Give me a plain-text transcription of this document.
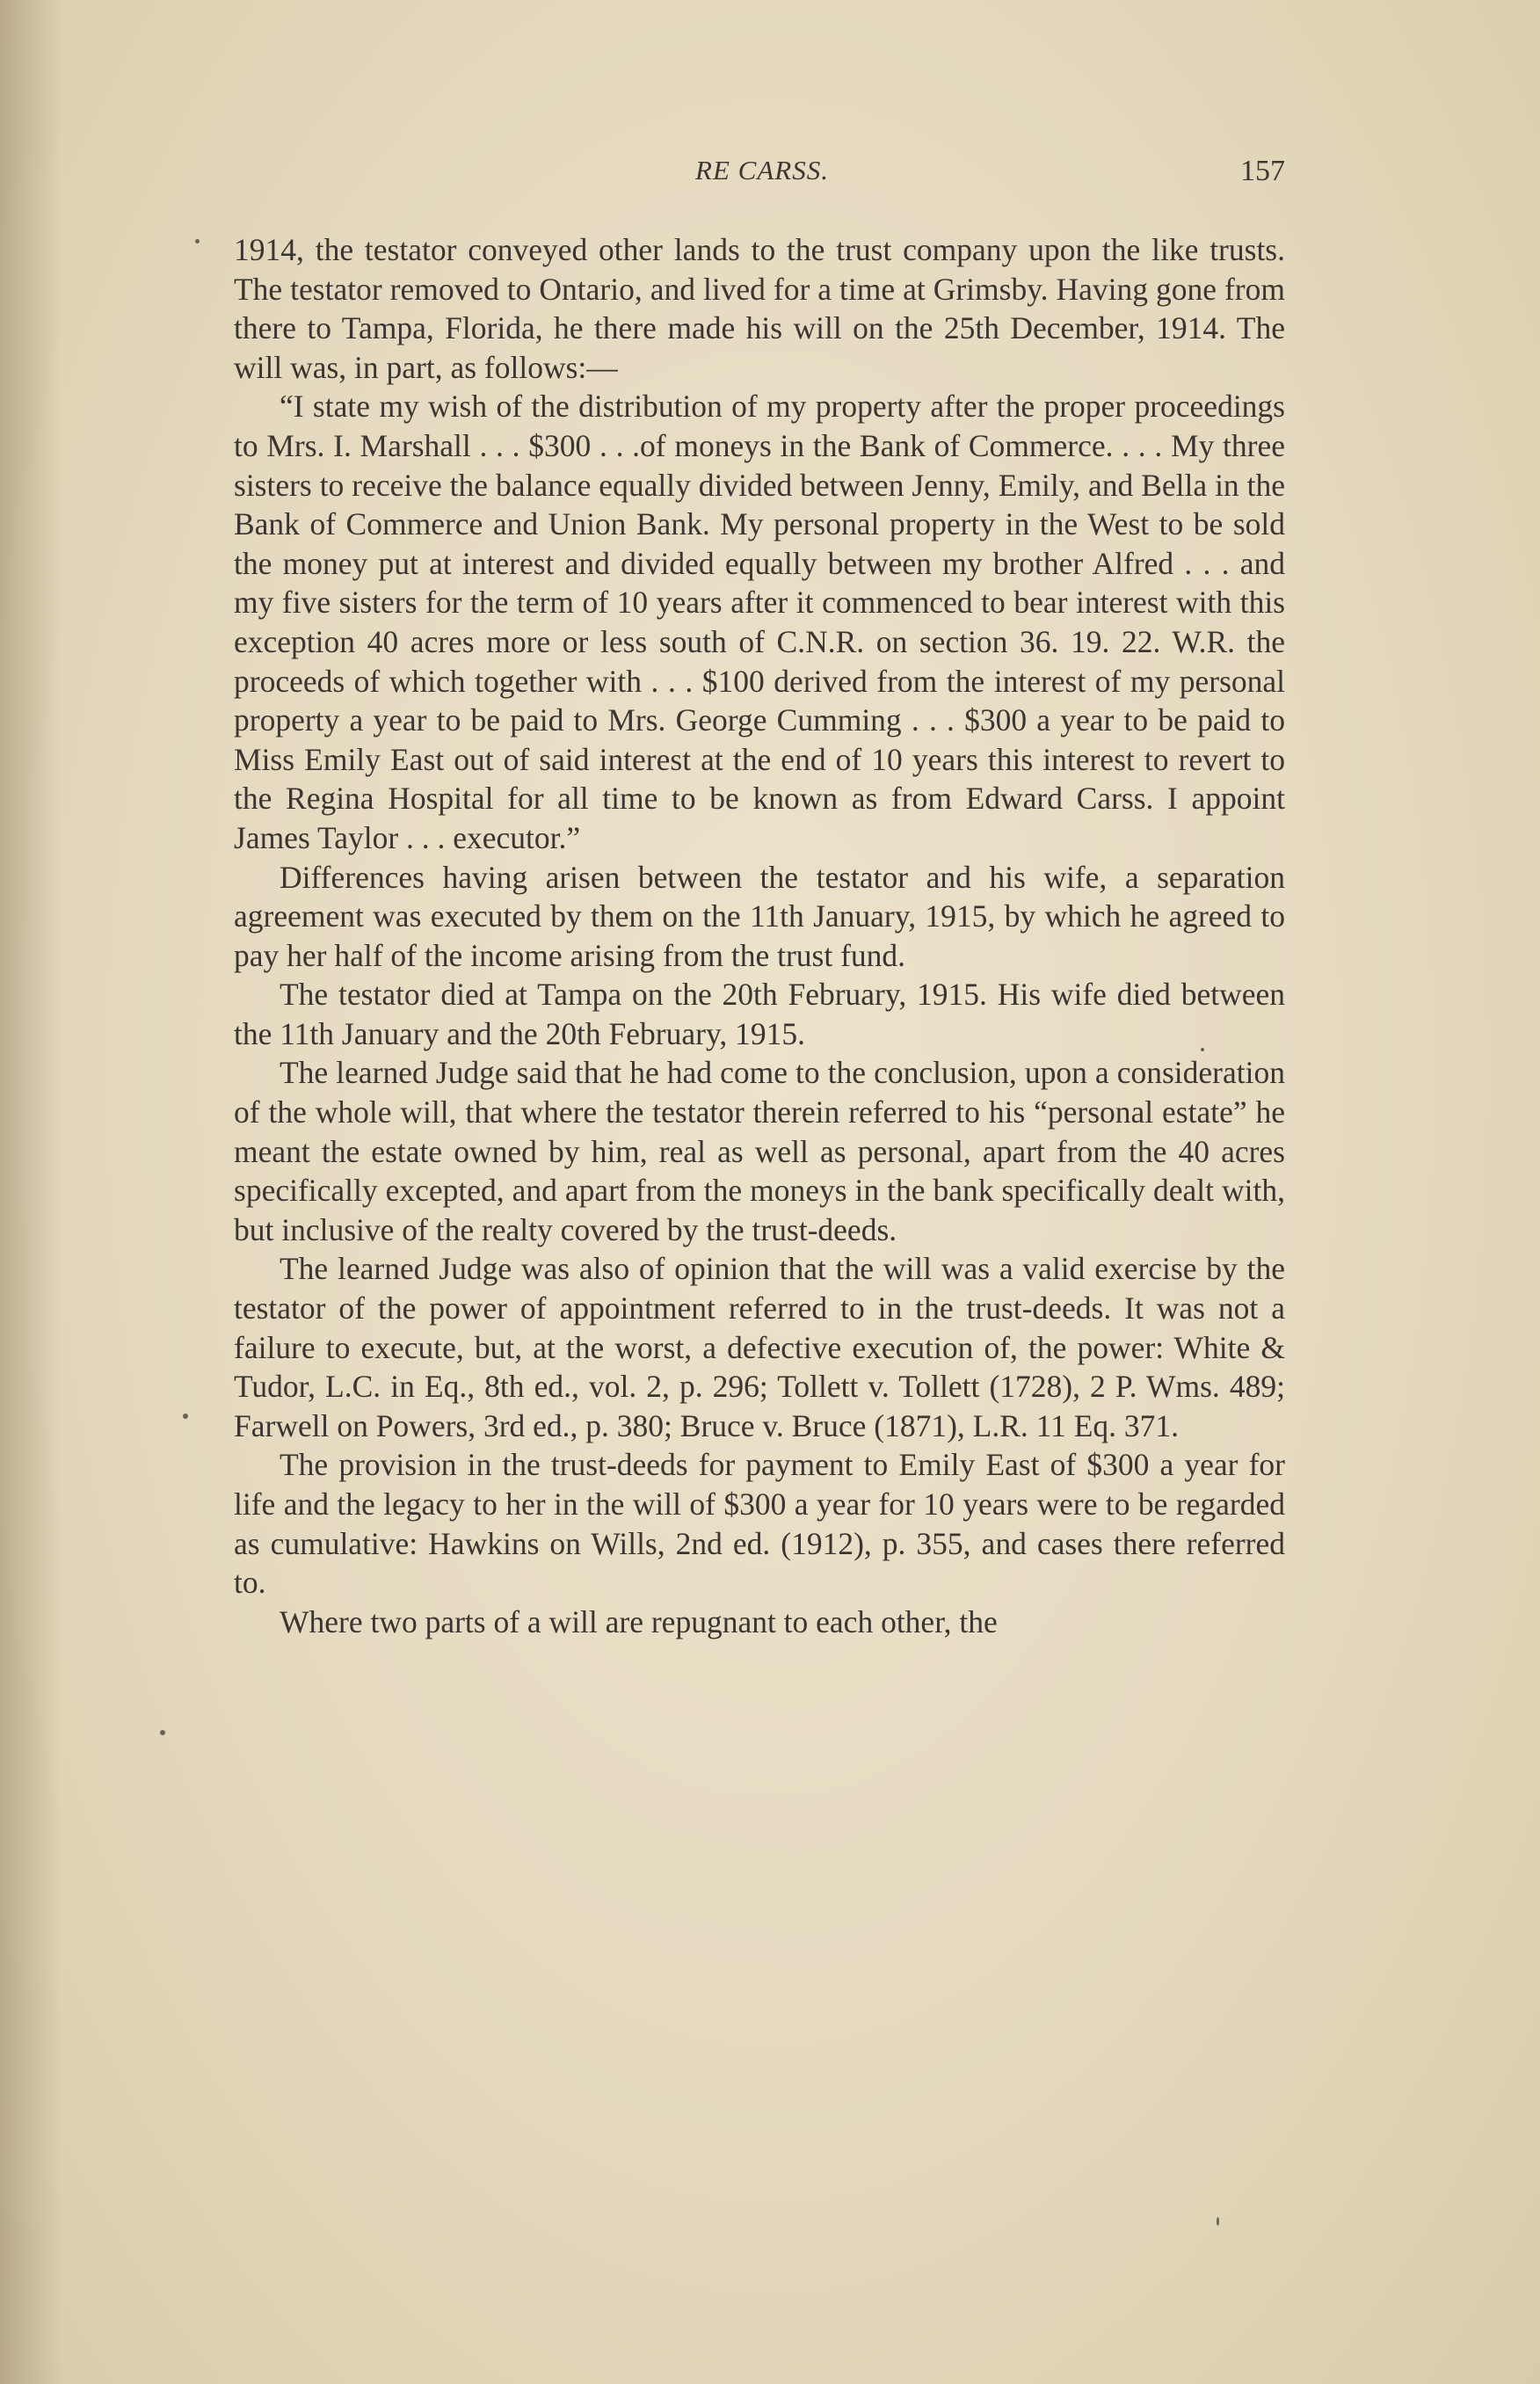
RE CARSS.	157

1914, the testator conveyed other lands to the trust company upon the like trusts. The testator removed to Ontario, and lived for a time at Grimsby. Having gone from there to Tampa, Florida, he there made his will on the 25th December, 1914. The will was, in part, as follows:—

“I state my wish of the distribution of my property after the proper proceedings to Mrs. I. Marshall . . . $300 . . .of moneys in the Bank of Commerce. . . . My three sisters to receive the balance equally divided between Jenny, Emily, and Bella in the Bank of Commerce and Union Bank. My personal property in the West to be sold the money put at interest and divided equally between my brother Alfred . . . and my five sisters for the term of 10 years after it commenced to bear interest with this exception 40 acres more or less south of C.N.R. on section 36. 19. 22. W.R. the proceeds of which together with . . . $100 derived from the interest of my personal property a year to be paid to Mrs. George Cumming . . . $300 a year to be paid to Miss Emily East out of said interest at the end of 10 years this interest to revert to the Regina Hospital for all time to be known as from Edward Carss. I appoint James Taylor . . . executor.”

Differences having arisen between the testator and his wife, a separation agreement was executed by them on the 11th January, 1915, by which he agreed to pay her half of the income arising from the trust fund.

The testator died at Tampa on the 20th February, 1915. His wife died between the 11th January and the 20th February, 1915.

The learned Judge said that he had come to the conclusion, upon a consideration of the whole will, that where the testator therein referred to his “personal estate” he meant the estate owned by him, real as well as personal, apart from the 40 acres specifically excepted, and apart from the moneys in the bank specifically dealt with, but inclusive of the realty covered by the trust-deeds.

The learned Judge was also of opinion that the will was a valid exercise by the testator of the power of appointment referred to in the trust-deeds. It was not a failure to execute, but, at the worst, a defective execution of, the power: White & Tudor, L.C. in Eq., 8th ed., vol. 2, p. 296; Tollett v. Tollett (1728), 2 P. Wms. 489; Farwell on Powers, 3rd ed., p. 380; Bruce v. Bruce (1871), L.R. 11 Eq. 371.

The provision in the trust-deeds for payment to Emily East of $300 a year for life and the legacy to her in the will of $300 a year for 10 years were to be regarded as cumulative: Hawkins on Wills, 2nd ed. (1912), p. 355, and cases there referred to.

Where two parts of a will are repugnant to each other, the
